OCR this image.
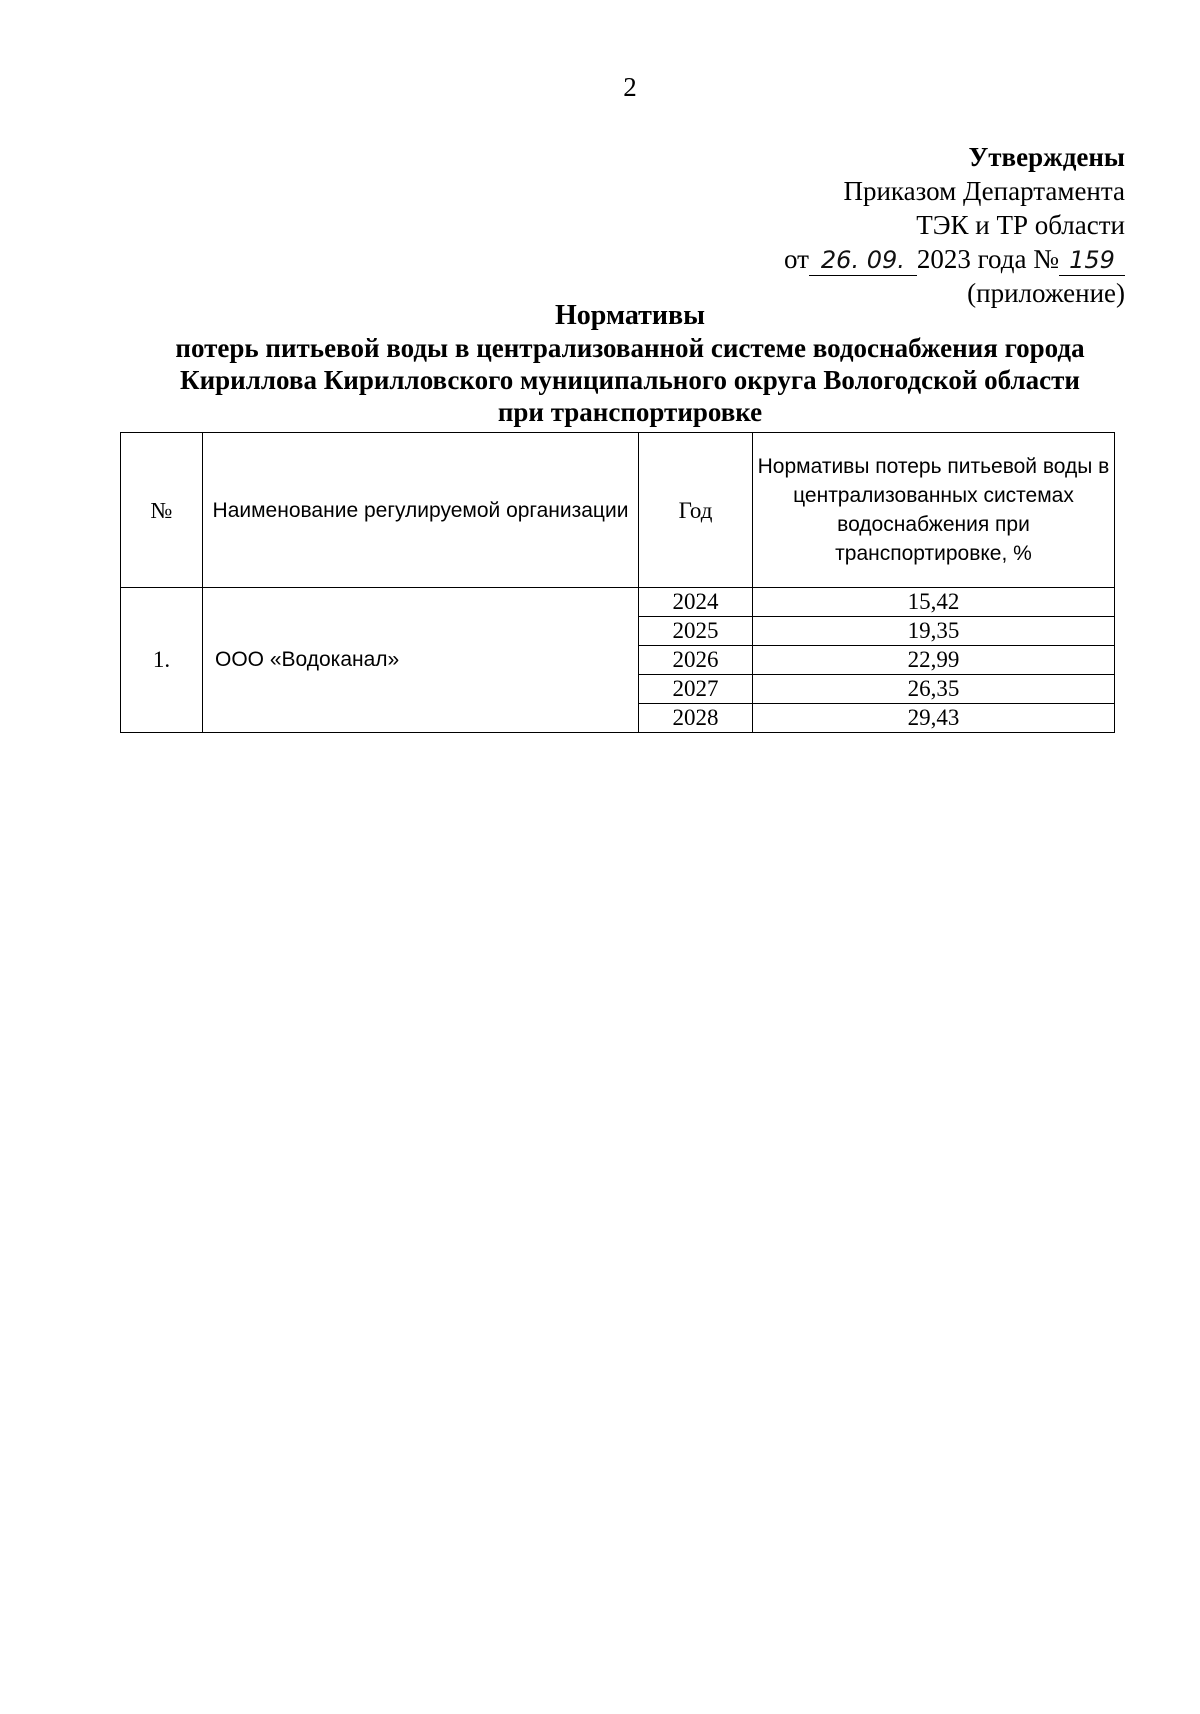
2
Утверждены
Приказом Департамента
ТЭК и ТР области
от 26. 09. 2023 года № 159
(приложение)
Нормативы
потерь питьевой воды в централизованной системе водоснабжения города
Кириллова Кирилловского муниципального округа Вологодской области
при транспортировке
№	Наименование регулируемой организации	Год	Нормативы потерь питьевой воды в централизованных системах водоснабжения при транспортировке, %
1.	ООО «Водоканал»	2024	15,42
		2025	19,35
		2026	22,99
		2027	26,35
		2028	29,43
